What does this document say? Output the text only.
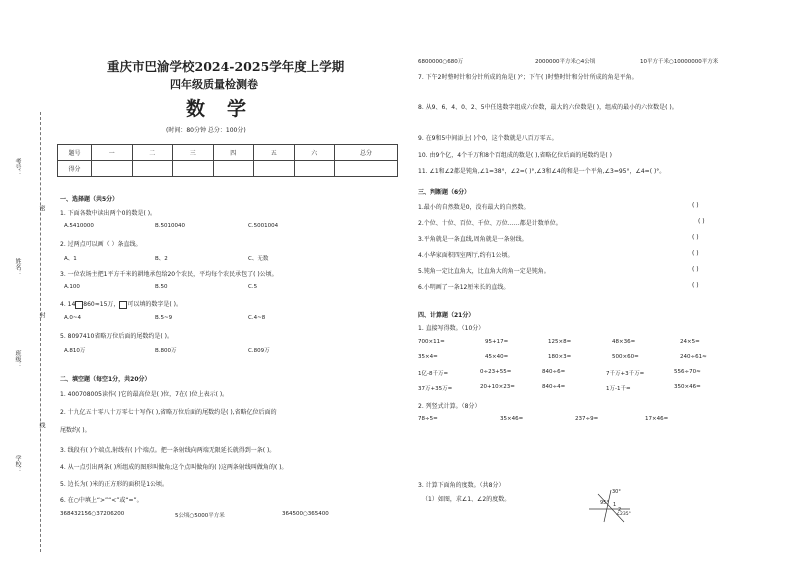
考号：
姓名：
班级：
学校：
密
封
线
重庆市巴渝学校2024-2025学年度上学期
四年级质量检测卷
数学
(时间：80分钟 总分：100分)
题号	一	二	三	四	五	六	总分
得分							
一、选择题（共5分）
1. 下面各数中读出两个0的数是( )。
A.5410000	B.5010040	C.5001004
2. 过两点可以画（ ）条直线。
A、1	B、2	C、无数
3. 一位农场主把1平方千米的耕地承包给20个农民，平均每个农民承包了( )公顷。
A.100	B.50	C.5
4. 14 860≈15万， 可以填的数字是( )。
A.0~4	B.5~9	C.4~8
5. 8097410省略万位后面的尾数约是( )。
A.810万	B.800万	C.809万
二、填空题（每空1分，共20分）
1. 400708005读作( )它的最高位是( )位，7在( )位上表示( )。
2. 十九亿五十零八十万零七十写作( ),省略万位后面的尾数约是( ),省略亿位后面的
尾数约( )。
3. 线段有( )个端点,射线有( )个端点。把一条射线向两端无限延长就得到一条( )。
4. 从一点引出两条( )所组成的图形叫做角;这个点叫做角的( )这两条射线叫做角的( )。
5. 边长为( )米的正方形的面积是1公顷。
6. 在○中填上“>”“<”或“=”。
368432156○37206200	5公顷○5000平方米	364500○365400
6800000○680万	2000000平方米○4公顷	10平方千米○10000000平方米
7. 下午2时整时针和分针所成的角是( )°；下午( )时整时针和分针所成的角是平角。
8. 从9、6、4、0、2、5中任选数字组成六位数，最大的六位数是( )，组成的最小的六位数是( )。
9. 在9和5中间添上( )个0，这个数就是八百万零五。
10. 由9个亿，4个千万和8个百组成的数是( ),省略亿位后面的尾数约是( )
11. ∠1和∠2都是钝角,∠1=38°，∠2=( )°,∠3和∠4的和是一个平角,∠3=95°，∠4=( )°。
三、判断题（6分）
1.最小的自然数是0，没有最大的自然数。	( )
2.个位、十位、百位、千位、万位……都是计数单位。	( )
3.平角就是一条直线,周角就是一条射线。	( )
4.小华家面积四室两厅,约有1公顷。	( )
5.钝角一定比直角大，比直角大的角一定是钝角。	( )
6.小明画了一条12厘米长的直线。	( )
四、计算题（21分）
1. 直接写得数。（10分）
700×11=	95+17=	125×8=	48×36=	24×5=
35×4=	45×40=	180×3=	500×60=	240÷61≈
1亿-8千万=	0÷23+55=	840÷6=	7千万+3千万=	556÷70≈
37万+35万=	20+10×23=	840÷4=	1万-1千=	350×46=
2. 列竖式计算。（8分）
78÷5=	35×46=	237÷9=	17×46=
3. 计算下面角的度数。（共8分）
（1）如图，求∠1、∠2的度数。
30°
95° 1
2
∠235°
